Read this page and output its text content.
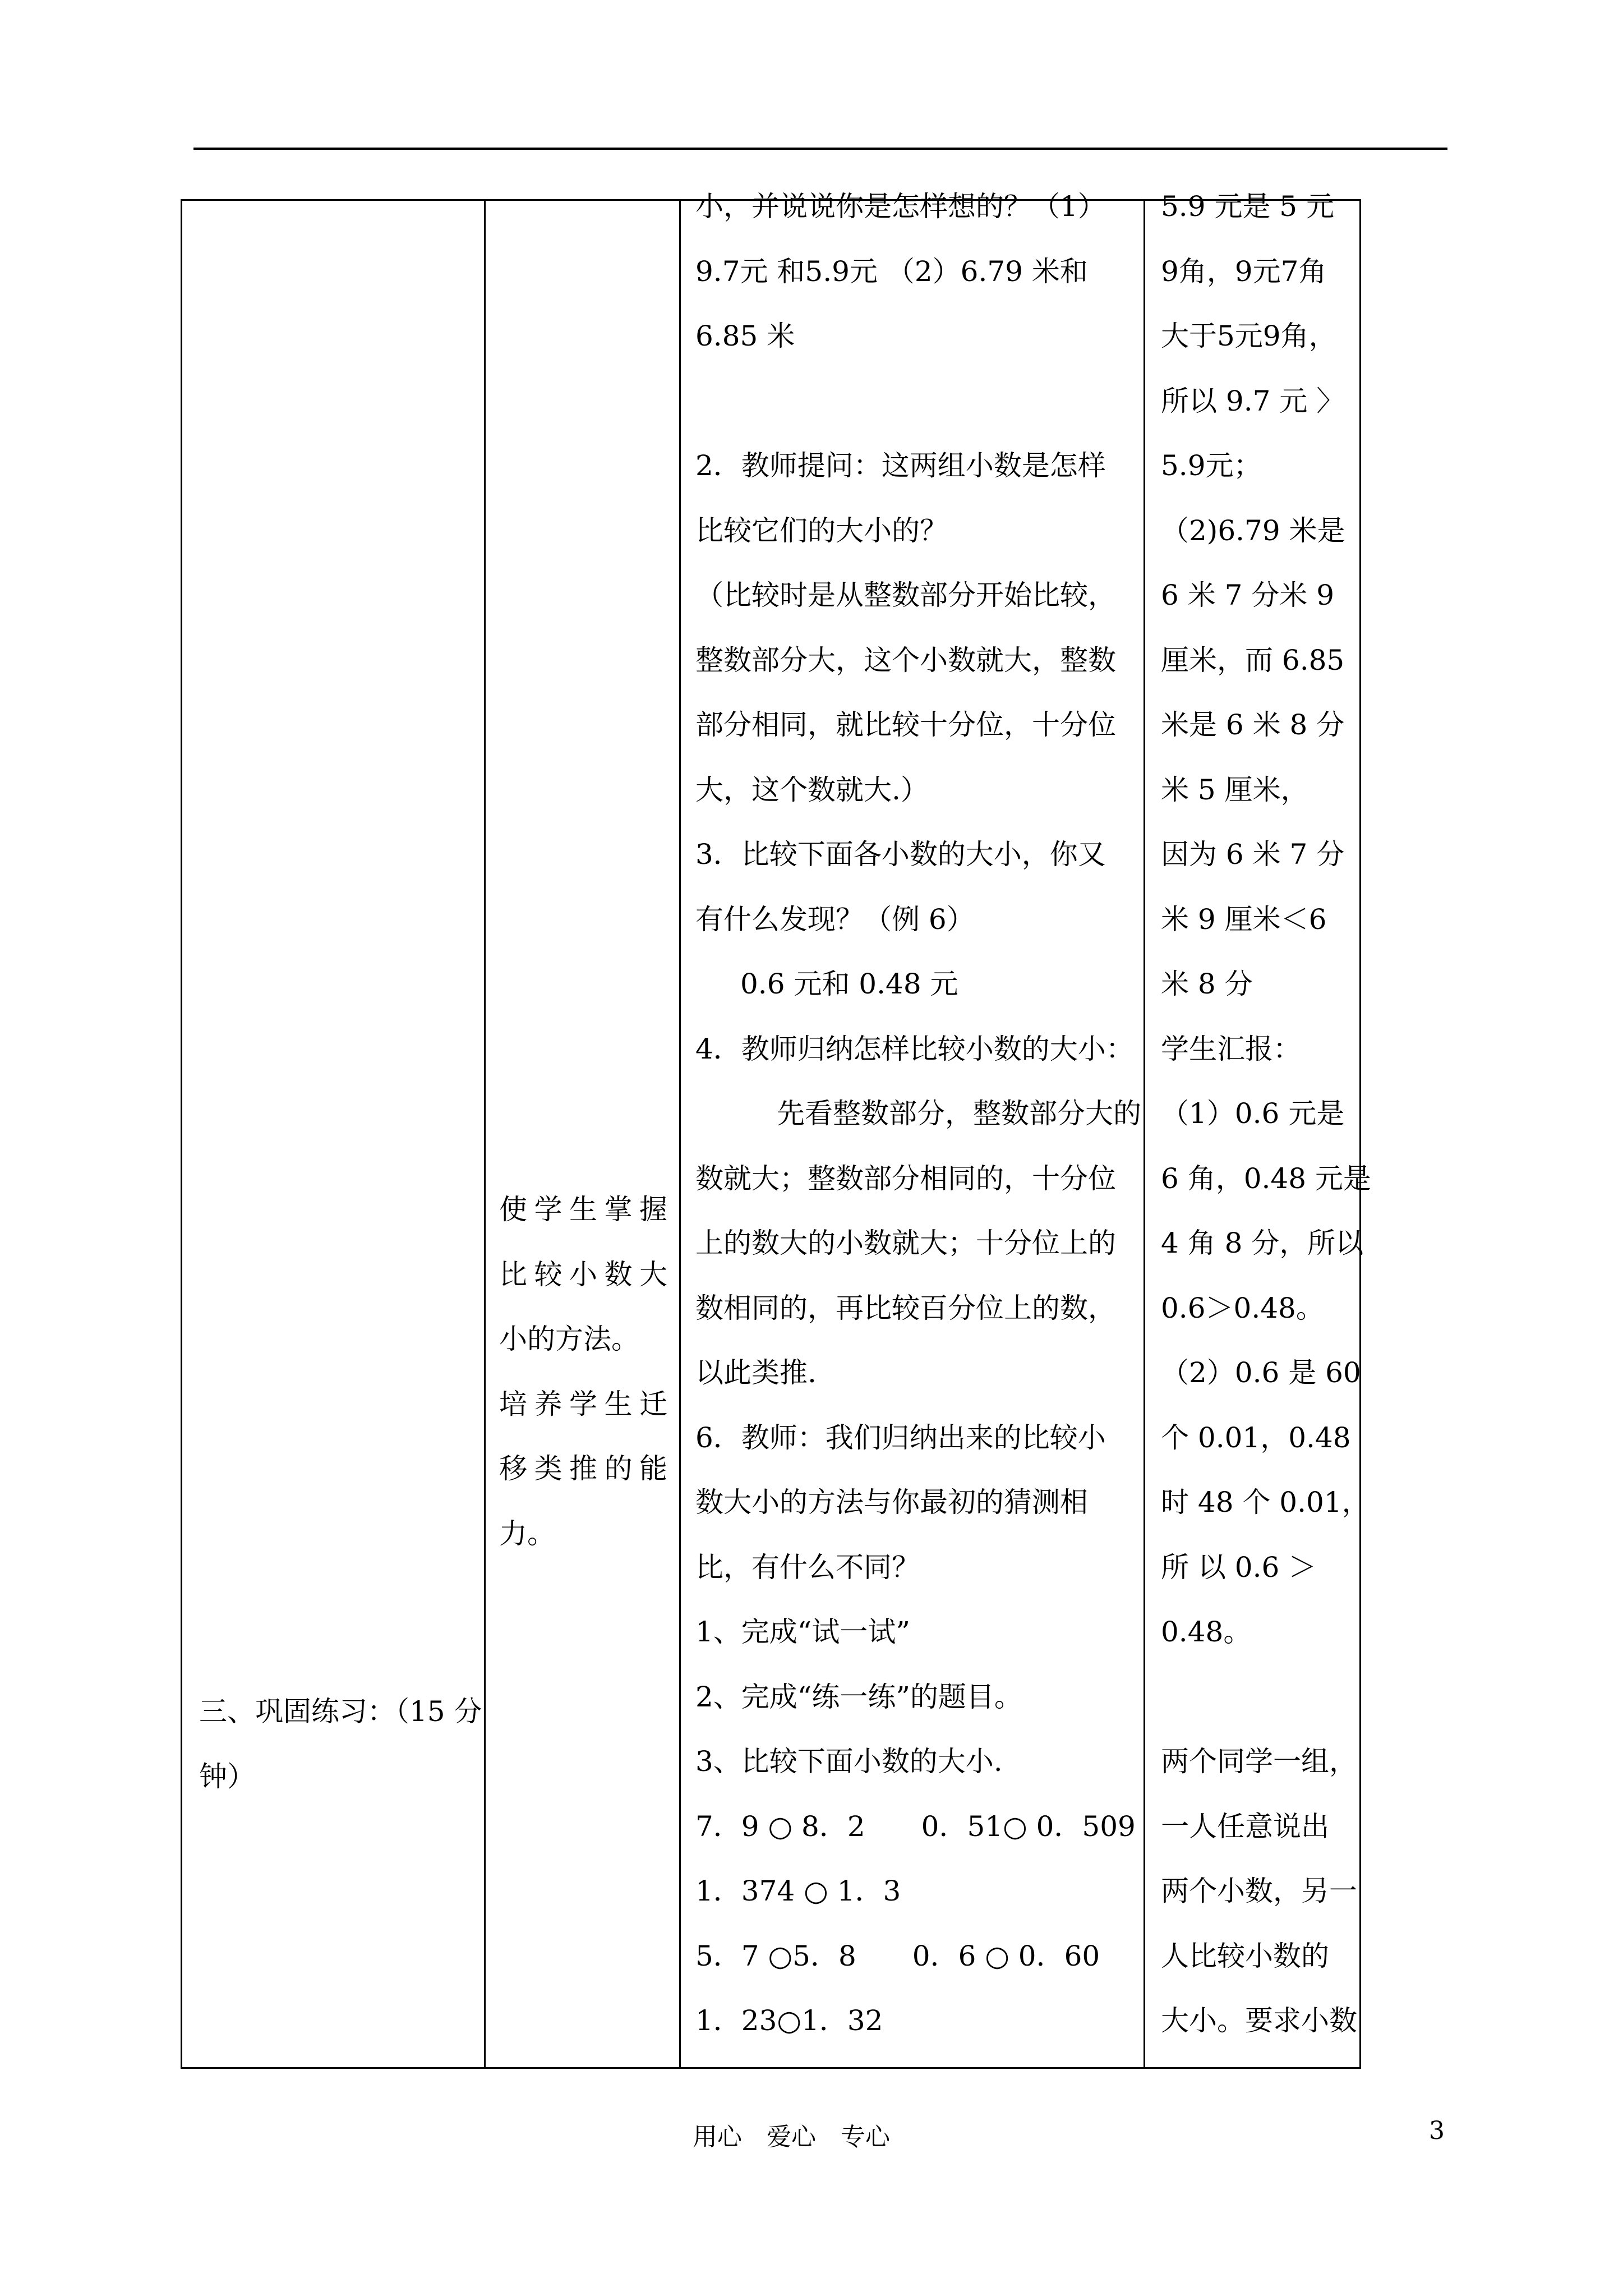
三、巩固练习：（15 分
钟）
使学生掌握
比较小数大
小的方法。
培养学生迁
移类推的能
力。
小，并说说你是怎样想的？（1）
9.7元 和5.9元 （2）6.79 米和
6.85 米
2．教师提问：这两组小数是怎样
比较它们的大小的？
（比较时是从整数部分开始比较，
整数部分大，这个小数就大，整数
部分相同，就比较十分位，十分位
大，这个数就大.）
3．比较下面各小数的大小，你又
有什么发现？（例 6）
0.6 元和 0.48 元
4．教师归纳怎样比较小数的大小：
先看整数部分，整数部分大的
数就大；整数部分相同的，十分位
上的数大的小数就大；十分位上的
数相同的，再比较百分位上的数，
以此类推.
6．教师：我们归纳出来的比较小
数大小的方法与你最初的猜测相
比，有什么不同？
1、完成“试一试”
2、完成“练一练”的题目。
3、比较下面小数的大小.
7．9 ○ 8．2　　0．51○ 0．509
1．374 ○ 1．3
5．7 ○5．8　　0．6 ○ 0．60
1．23○1．32
5.9 元是 5 元
9角，9元7角
大于5元9角，
所以 9.7 元 〉
5.9元；
（2)6.79 米是
6 米 7 分米 9
厘米，而 6.85
米是 6 米 8 分
米 5 厘米，
因为 6 米 7 分
米 9 厘米＜6
米 8 分
学生汇报：
（1）0.6 元是
6 角，0.48 元是
4 角 8 分，所以
0.6＞0.48。
（2）0.6 是 60
个 0.01，0.48
时 48 个 0.01，
所 以 0.6 ＞
0.48。
两个同学一组，
一人任意说出
两个小数，另一
人比较小数的
大小。要求小数
用心　爱心　专心	3
